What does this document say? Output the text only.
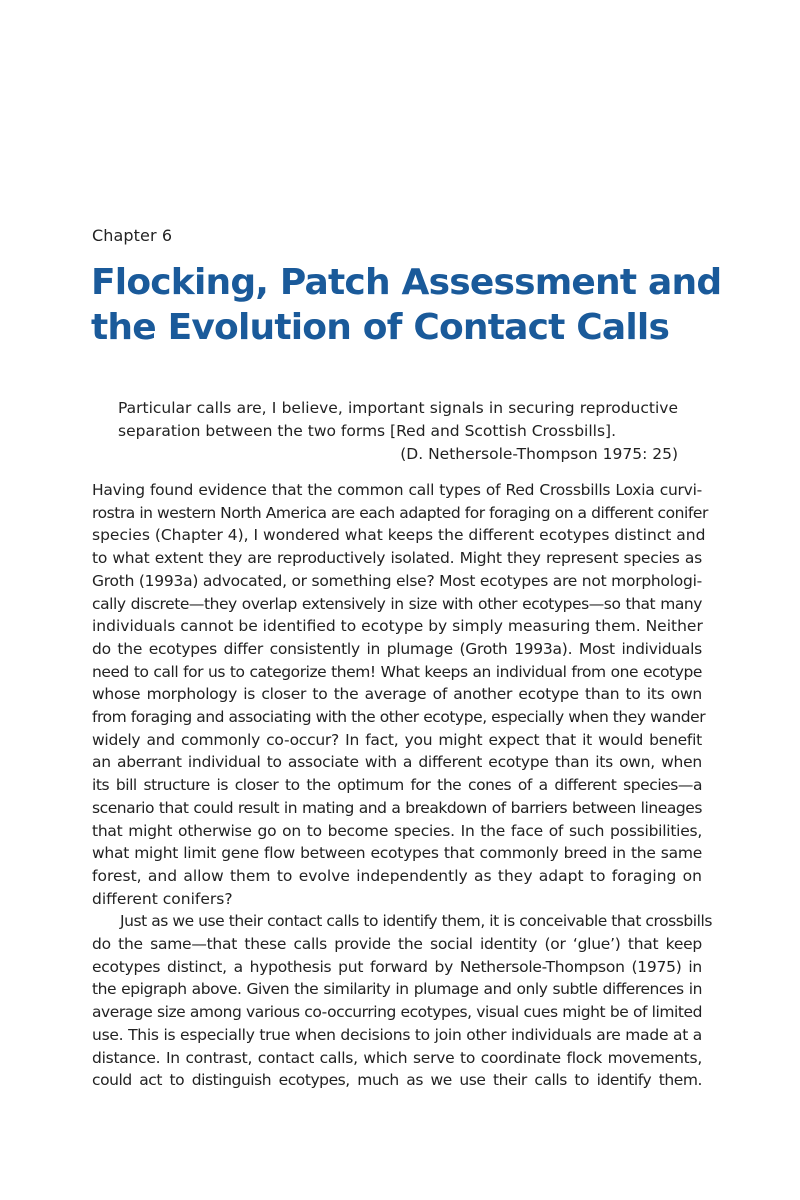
Chapter 6
Flocking, Patch Assessment and
the Evolution of Contact Calls
Particular calls are, I believe, important signals in securing reproductive
separation between the two forms [Red and Scottish Crossbills].
(D. Nethersole-Thompson 1975: 25)
Having found evidence that the common call types of Red Crossbills Loxia curvi-
rostra in western North America are each adapted for foraging on a different conifer
species (Chapter 4), I wondered what keeps the different ecotypes distinct and
to what extent they are reproductively isolated. Might they represent species as
Groth (1993a) advocated, or something else? Most ecotypes are not morphologi-
cally discrete—they overlap extensively in size with other ecotypes—so that many
individuals cannot be identified to ecotype by simply measuring them. Neither
do the ecotypes differ consistently in plumage (Groth 1993a). Most individuals
need to call for us to categorize them! What keeps an individual from one ecotype
whose morphology is closer to the average of another ecotype than to its own
from foraging and associating with the other ecotype, especially when they wander
widely and commonly co-occur? In fact, you might expect that it would benefit
an aberrant individual to associate with a different ecotype than its own, when
its bill structure is closer to the optimum for the cones of a different species—a
scenario that could result in mating and a breakdown of barriers between lineages
that might otherwise go on to become species. In the face of such possibilities,
what might limit gene flow between ecotypes that commonly breed in the same
forest, and allow them to evolve independently as they adapt to foraging on
different conifers?
Just as we use their contact calls to identify them, it is conceivable that crossbills
do the same—that these calls provide the social identity (or ‘glue’) that keep
ecotypes distinct, a hypothesis put forward by Nethersole-Thompson (1975) in
the epigraph above. Given the similarity in plumage and only subtle differences in
average size among various co-occurring ecotypes, visual cues might be of limited
use. This is especially true when decisions to join other individuals are made at a
distance. In contrast, contact calls, which serve to coordinate flock movements,
could act to distinguish ecotypes, much as we use their calls to identify them.
